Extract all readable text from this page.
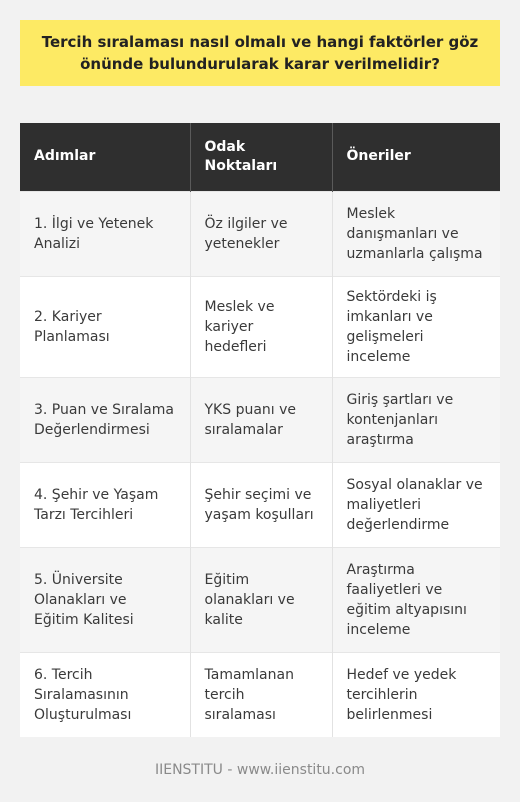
Tercih sıralaması nasıl olmalı ve hangi faktörler göz önünde bulundurularak karar verilmelidir?
Adımlar	Odak Noktaları	Öneriler
1. İlgi ve Yetenek Analizi	Öz ilgiler ve yetenekler	Meslek danışmanları ve uzmanlarla çalışma
2. Kariyer Planlaması	Meslek ve kariyer hedefleri	Sektördeki iş imkanları ve gelişmeleri inceleme
3. Puan ve Sıralama Değerlendirmesi	YKS puanı ve sıralamalar	Giriş şartları ve kontenjanları araştırma
4. Şehir ve Yaşam Tarzı Tercihleri	Şehir seçimi ve yaşam koşulları	Sosyal olanaklar ve maliyetleri değerlendirme
5. Üniversite Olanakları ve Eğitim Kalitesi	Eğitim olanakları ve kalite	Araştırma faaliyetleri ve eğitim altyapısını inceleme
6. Tercih Sıralamasının Oluşturulması	Tamamlanan tercih sıralaması	Hedef ve yedek tercihlerin belirlenmesi
IIENSTITU - www.iienstitu.com
